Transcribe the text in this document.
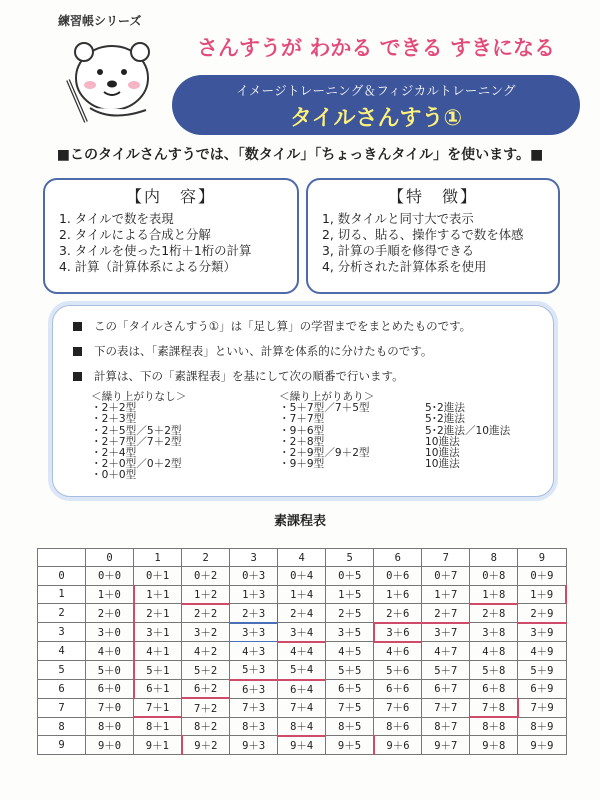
練習帳シリーズ
さんすうが わかる できる すきになる
イメージトレーニング＆フィジカルトレーニング
タイルさんすう①
■このタイルさんすうでは、「数タイル」「ちょっきんタイル」を使います。■
【内　容】
1. タイルで数を表現
2. タイルによる合成と分解
3. タイルを使った1桁＋1桁の計算
4. 計算（計算体系による分類）
【特　徴】
1, 数タイルと同寸大で表示
2, 切る、貼る、操作するで数を体感
3, 計算の手順を修得できる
4, 分析された計算体系を使用
この「タイルさんすう①」は「足し算」の学習までをまとめたものです。
下の表は、「素課程表」といい、計算を体系的に分けたものです。
計算は、下の「素課程表」を基にして次の順番で行います。
＜繰り上がりなし＞
・2＋2型
・2＋3型
・2＋5型／5＋2型
・2＋7型／7＋2型
・2＋4型
・2＋0型／0＋2型
・0＋0型
＜繰り上がりあり＞
・5＋7型／7＋5型
・7＋7型
・9＋6型
・2＋8型
・2＋9型／9＋2型
・9＋9型
5･2進法
5･2進法
5･2進法／10進法
10進法
10進法
10進法
素課程表
	0	1	2	3	4	5	6	7	8	9
0	0＋0	0＋1	0＋2	0＋3	0＋4	0＋5	0＋6	0＋7	0＋8	0＋9
1	1＋0	1＋1	1＋2	1＋3	1＋4	1＋5	1＋6	1＋7	1＋8	1＋9
2	2＋0	2＋1	2＋2	2＋3	2＋4	2＋5	2＋6	2＋7	2＋8	2＋9
3	3＋0	3＋1	3＋2	3＋3	3＋4	3＋5	3＋6	3＋7	3＋8	3＋9
4	4＋0	4＋1	4＋2	4＋3	4＋4	4＋5	4＋6	4＋7	4＋8	4＋9
5	5＋0	5＋1	5＋2	5＋3	5＋4	5＋5	5＋6	5＋7	5＋8	5＋9
6	6＋0	6＋1	6＋2	6＋3	6＋4	6＋5	6＋6	6＋7	6＋8	6＋9
7	7＋0	7＋1	7＋2	7＋3	7＋4	7＋5	7＋6	7＋7	7＋8	7＋9
8	8＋0	8＋1	8＋2	8＋3	8＋4	8＋5	8＋6	8＋7	8＋8	8＋9
9	9＋0	9＋1	9＋2	9＋3	9＋4	9＋5	9＋6	9＋7	9＋8	9＋9
